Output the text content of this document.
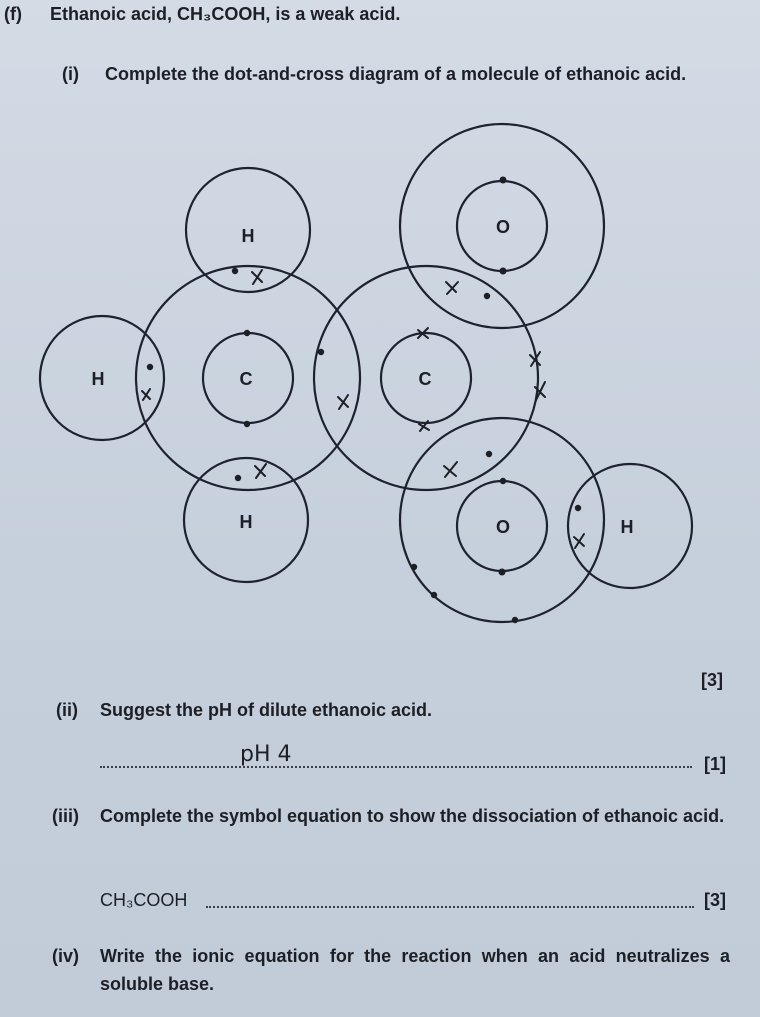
(f) Ethanoic acid, CH₃COOH, is a weak acid.
(i) Complete the dot-and-cross diagram of a molecule of ethanoic acid.
H
H
H
C	C
O
O	H
[3]
(ii) Suggest the pH of dilute ethanoic acid.
pH 4	[1]
(iii) Complete the symbol equation to show the dissociation of ethanoic acid.
CH₃COOH	[3]
(iv) Write the ionic equation for the reaction when an acid neutralizes a soluble base.
